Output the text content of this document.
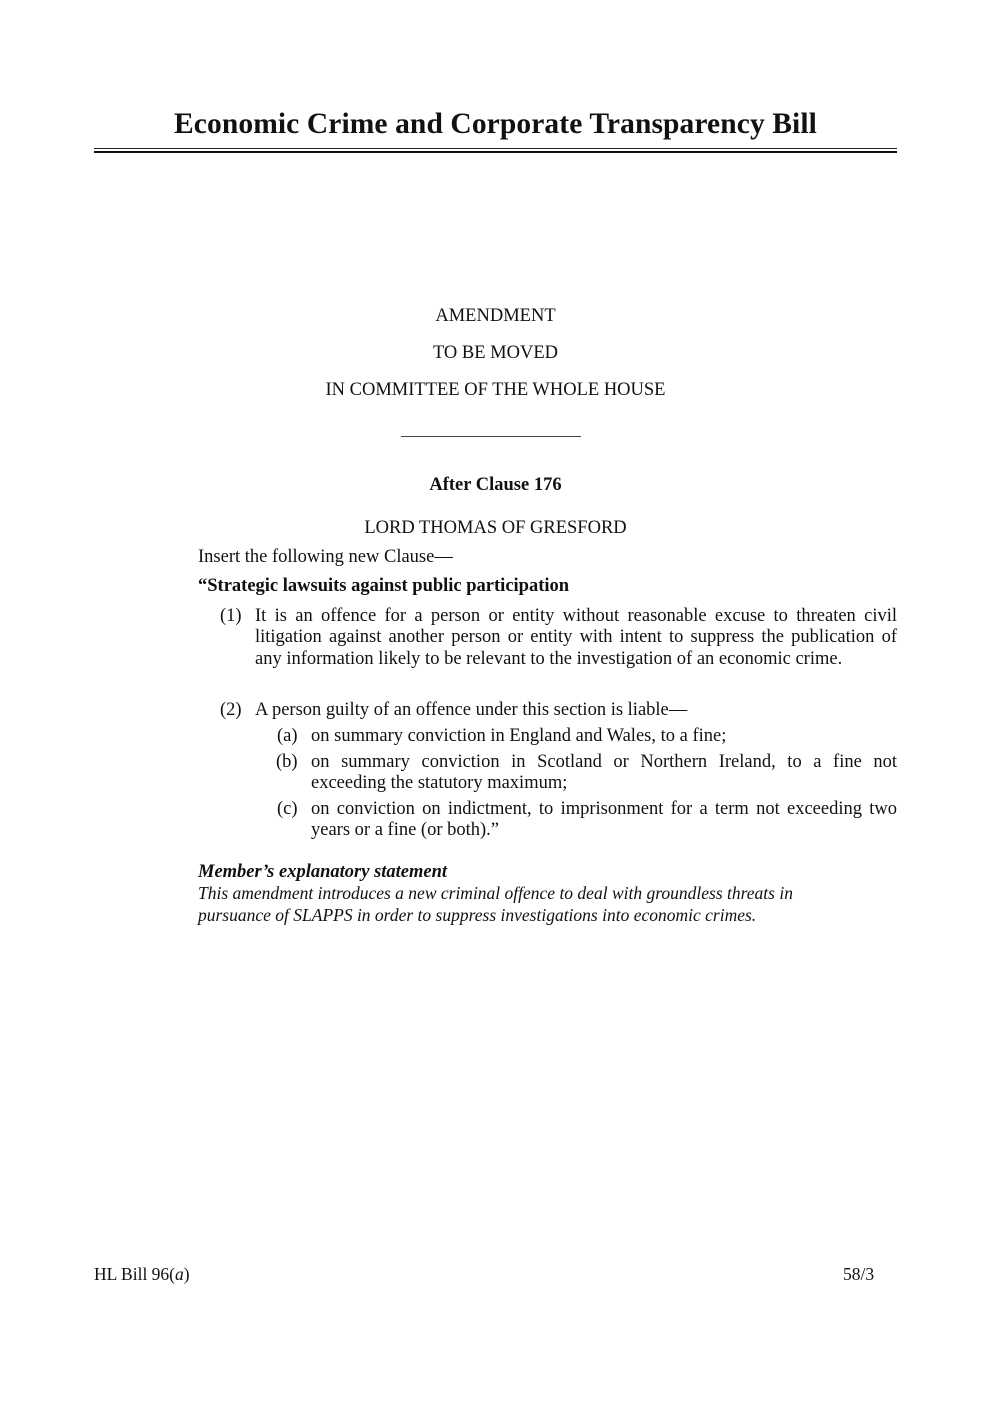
Economic Crime and Corporate Transparency Bill
AMENDMENT
TO BE MOVED
IN COMMITTEE OF THE WHOLE HOUSE
After Clause 176
LORD THOMAS OF GRESFORD
Insert the following new Clause—
“Strategic lawsuits against public participation
(1) It is an offence for a person or entity without reasonable excuse to threaten civil litigation against another person or entity with intent to suppress the publication of any information likely to be relevant to the investigation of an economic crime.
(2) A person guilty of an offence under this section is liable—
(a) on summary conviction in England and Wales, to a fine;
(b) on summary conviction in Scotland or Northern Ireland, to a fine not exceeding the statutory maximum;
(c) on conviction on indictment, to imprisonment for a term not exceeding two years or a fine (or both).”
Member’s explanatory statement
This amendment introduces a new criminal offence to deal with groundless threats in
pursuance of SLAPPS in order to suppress investigations into economic crimes.
HL Bill 96(a)	58/3
